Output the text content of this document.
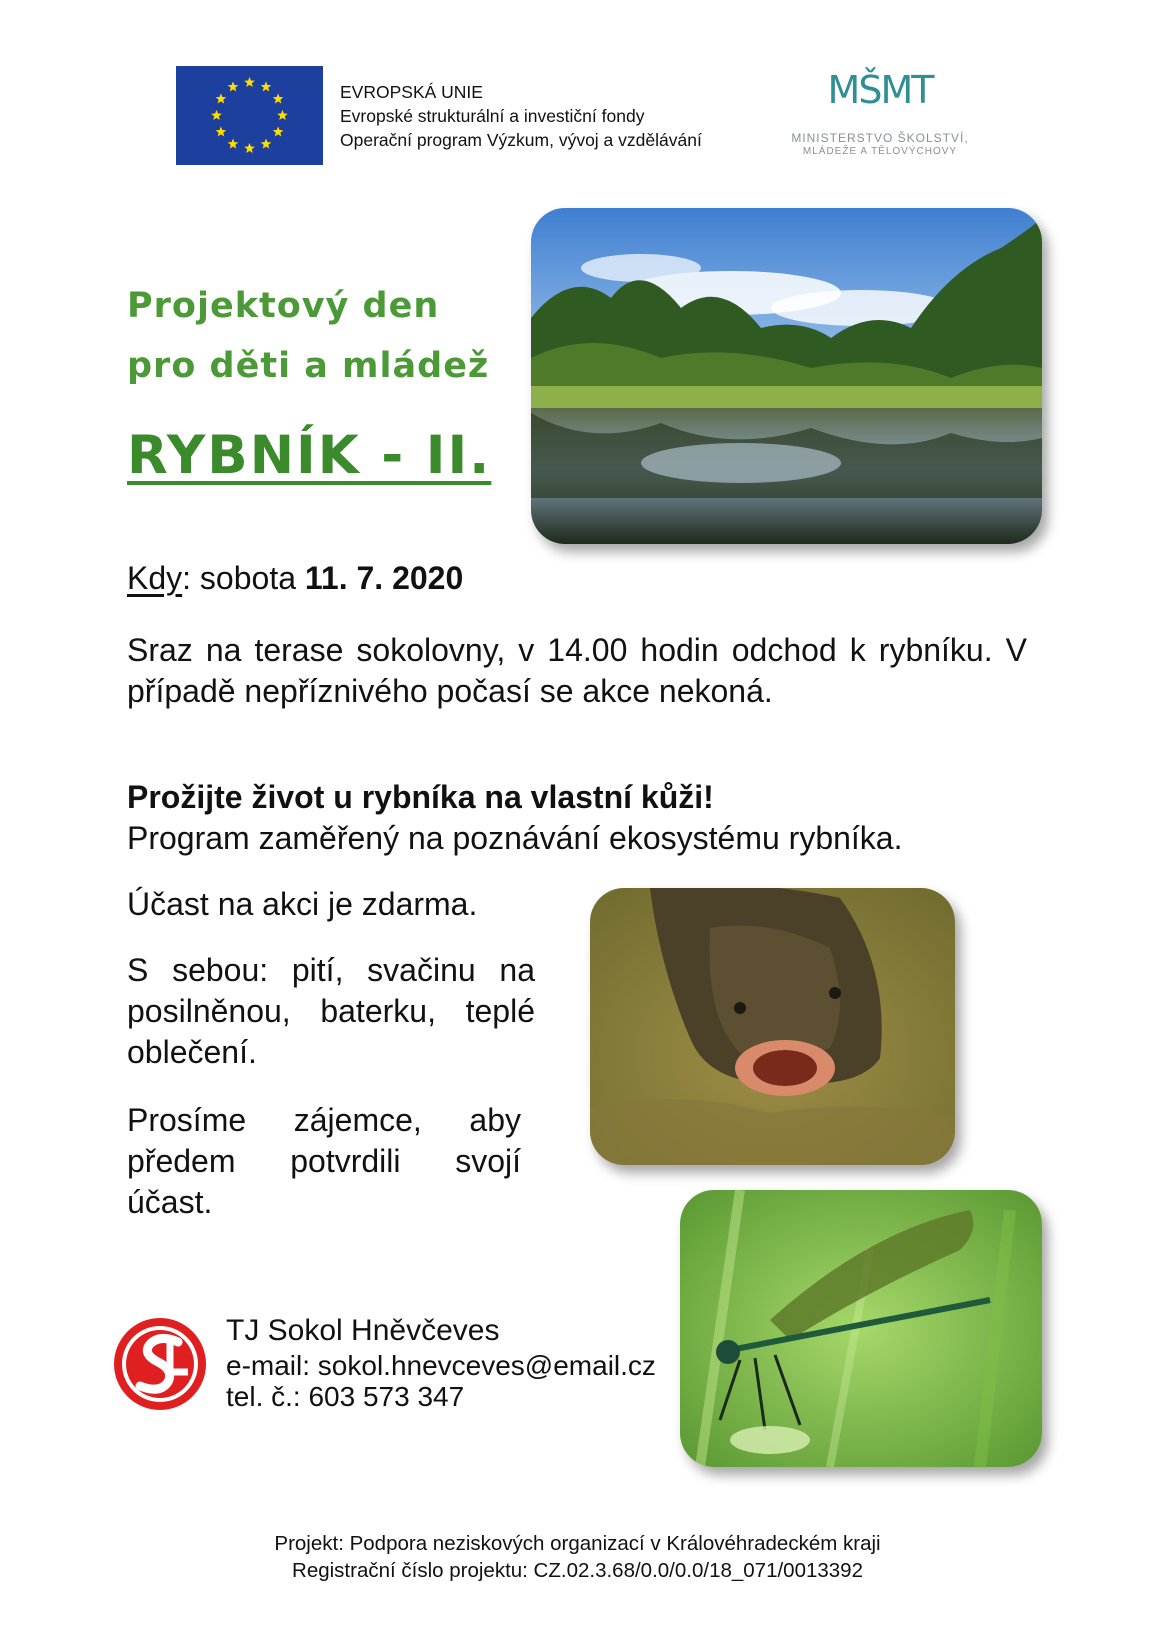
EVROPSKÁ UNIE
Evropské strukturální a investiční fondy
Operační program Výzkum, vývoj a vzdělávání
MŠMT
MINISTERSTVO ŠKOLSTVÍ,
MLÁDEŽE A TĚLOVÝCHOVY
Projektový den
pro děti a mládež
RYBNÍK - II.
Kdy: sobota 11. 7. 2020
Sraz na terase sokolovny, v 14.00 hodin odchod k rybníku. V případě nepříznivého počasí se akce nekoná.
Prožijte život u rybníka na vlastní kůži!
Program zaměřený na poznávání ekosystému rybníka.
Účast na akci je zdarma.
S sebou: pití, svačinu na posilněnou, baterku, teplé oblečení.
Prosíme zájemce, aby předem potvrdili svojí účast.
TJ Sokol Hněvčeves
e-mail: sokol.hnevceves@email.cz
tel. č.: 603 573 347
Projekt: Podpora neziskových organizací v Královéhradeckém kraji
Registrační číslo projektu: CZ.02.3.68/0.0/0.0/18_071/0013392
